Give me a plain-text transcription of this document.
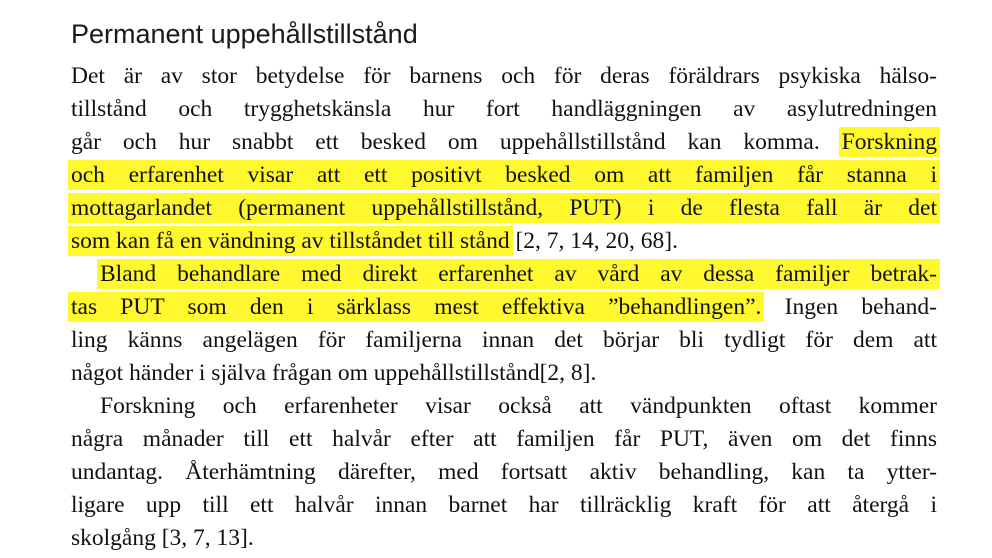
Permanent uppehållstillstånd
Det är av stor betydelse för barnens och för deras föräldrars psykiska hälso-
tillstånd och trygghetskänsla hur fort handläggningen av asylutredningen
går och hur snabbt ett besked om uppehållstillstånd kan komma. Forskning
och erfarenhet visar att ett positivt besked om att familjen får stanna i
mottagarlandet (permanent uppehållstillstånd, PUT) i de flesta fall är det
som kan få en vändning av tillståndet till stånd [2, 7, 14, 20, 68].
Bland behandlare med direkt erfarenhet av vård av dessa familjer betrak-
tas PUT som den i särklass mest effektiva ”behandlingen”. Ingen behand-
ling känns angelägen för familjerna innan det börjar bli tydligt för dem att
något händer i själva frågan om uppehållstillstånd[2, 8].
Forskning och erfarenheter visar också att vändpunkten oftast kommer
några månader till ett halvår efter att familjen får PUT, även om det finns
undantag. Återhämtning därefter, med fortsatt aktiv behandling, kan ta ytter-
ligare upp till ett halvår innan barnet har tillräcklig kraft för att återgå i
skolgång [3, 7, 13].
